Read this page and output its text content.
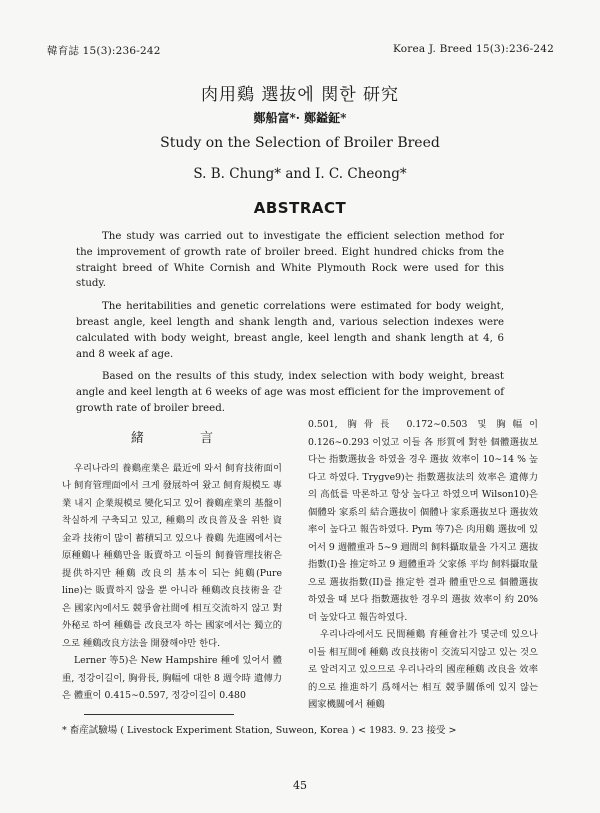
韓育誌 15(3):236-242	Korea J. Breed 15(3):236-242
肉用鷄 選抜에 関한 研究
鄭船富*· 鄭鎰鉦*
Study on the Selection of Broiler Breed
S. B. Chung* and I. C. Cheong*
ABSTRACT

The study was carried out to investigate the efficient selection method for the improvement of growth rate of broiler breed. Eight hundred chicks from the straight breed of White Cornish and White Plymouth Rock were used for this study.

The heritabilities and genetic correlations were estimated for body weight, breast angle, keel length and shank length and, various selection indexes were calculated with body weight, breast angle, keel length and shank length at 4, 6 and 8 week af age.

Based on the results of this study, index selection with body weight, breast angle and keel length at 6 weeks of age was most efficient for the improvement of growth rate of broiler breed.

緒 言

우리나라의 養鷄産業은 最近에 와서 飼育技術面이나 飼育管理面에서 크게 發展하여 왔고 飼育規模도 專業 내지 企業規模로 變化되고 있어 養鷄産業의 基盤이 착실하게 구축되고 있고, 種鷄의 改良普及을 위한 資金과 技術이 많이 蓄積되고 있으나 養鷄 先進國에서는 原種鷄나 種鷄만을 販賣하고 이들의 飼養管理技術은 提供하지만 種鷄 改良의 基本이 되는 純鷄(Pure line)는 販賣하지 않을 뿐 아니라 種鷄改良技術을 같은 國家內에서도 競爭會社間에 相互交流하지 않고 對外秘로 하여 種鷄를 改良코자 하는 國家에서는 獨立的으로 種鷄改良方法을 開發해야만 한다.

Lerner 等5)은 New Hampshire 種에 있어서 體重, 정강이길이, 胸骨長, 胸幅에 대한 8 週令時 遺傳力은 體重이 0.415∼0.597, 정강이길이 0.480

0.501, 胸骨長 0.172∼0.503 및 胸幅이 0.126∼0.293 이었고 이들 各 形質에 對한 個體選抜보다는 指數選抜을 하였을 경우 選抜 效率이 10∼14 % 높다고 하였다. Trygve9)는 指數選抜法의 效率은 遺傳力의 高低를 막론하고 항상 높다고 하였으며 Wilson10)은 個體와 家系의 結合選抜이 個體나 家系選抜보다 選抜效率이 높다고 報告하였다. Pym 等7)은 肉用鷄 選抜에 있어서 9 週體重과 5∼9 週間의 飼料攝取量을 가지고 選抜指數(I)을 推定하고 9 週體重과 父家係 平均 飼料攝取量으로 選抜指數(II)를 推定한 결과 體重만으로 個體選抜하였을 때 보다 指數選抜한 경우의 選抜 效率이 約 20% 더 높았다고 報告하였다.

우리나라에서도 民間種鷄 育種會社가 몇군데 있으나 이들 相互間에 種鷄 改良技術이 交流되지않고 있는 것으로 알려지고 있으므로 우리나라의 國産種鷄 改良을 效率的으로 推進하기 爲해서는 相互 競爭關係에 있지 않는 國家機關에서 種鷄

* 畜産試驗場 ( Livestock Experiment Station, Suweon, Korea ) < 1983. 9. 23 接受 >
45
